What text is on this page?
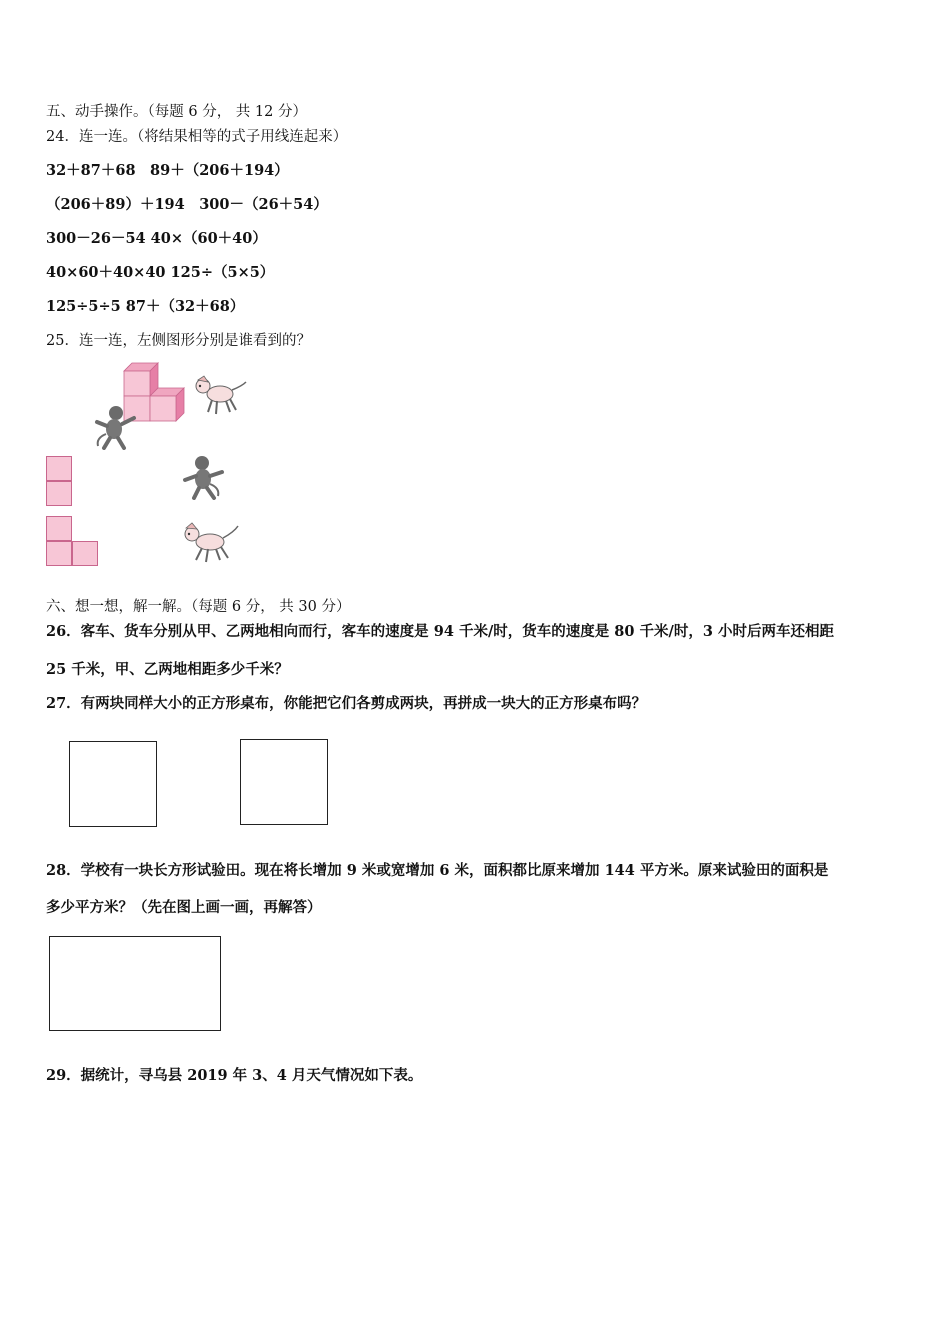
五、动手操作。（每题 6 分， 共 12 分）
24．连一连。（将结果相等的式子用线连起来）
32＋87＋68　89＋（206＋194）
（206＋89）＋194　300－（26＋54）
300－26－54 40×（60＋40）
40×60＋40×40 125÷（5×5）
125÷5÷5 87＋（32＋68）
25．连一连，左侧图形分别是谁看到的？
六、想一想，解一解。（每题 6 分， 共 30 分）
26．客车、货车分别从甲、乙两地相向而行，客车的速度是 94 千米/时，货车的速度是 80 千米/时，3 小时后两车还相距
25 千米，甲、乙两地相距多少千米？
27．有两块同样大小的正方形桌布，你能把它们各剪成两块，再拼成一块大的正方形桌布吗？
28．学校有一块长方形试验田。现在将长增加 9 米或宽增加 6 米，面积都比原来增加 144 平方米。原来试验田的面积是
多少平方米？（先在图上画一画，再解答）
29．据统计，寻乌县 2019 年 3、4 月天气情况如下表。
